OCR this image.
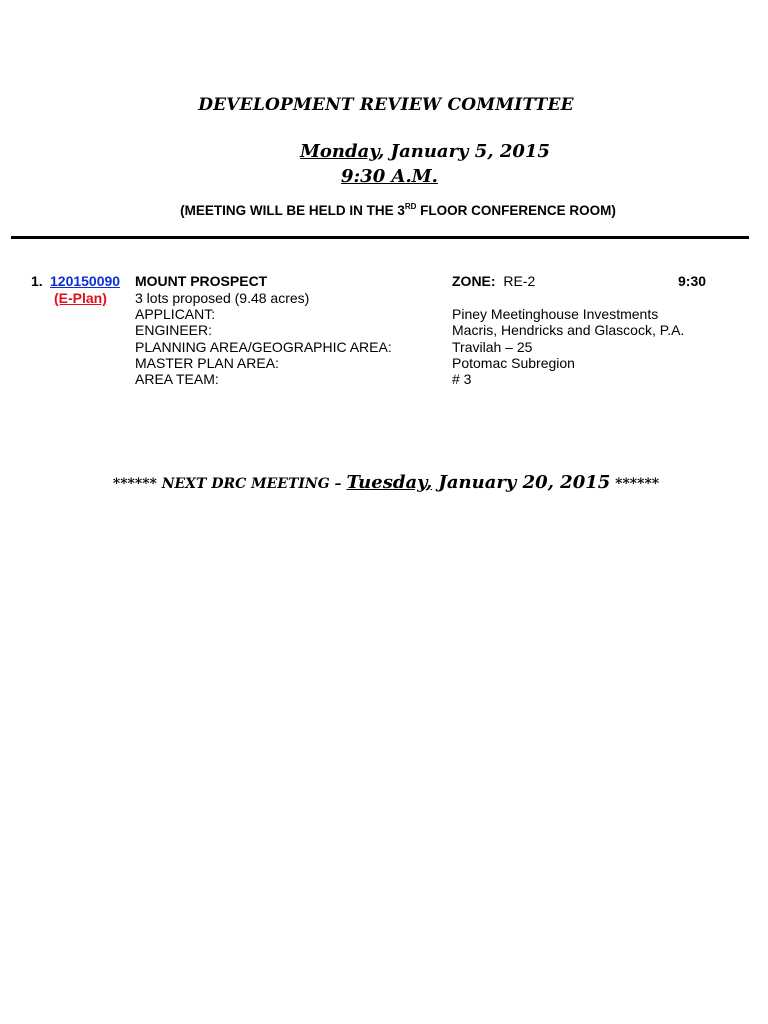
DEVELOPMENT REVIEW COMMITTEE
Monday, January 5, 2015
9:30 A.M.
(MEETING WILL BE HELD IN THE 3RD FLOOR CONFERENCE ROOM)
1. 120150090 MOUNT PROSPECT	ZONE: RE-2	9:30
(E-Plan) 3 lots proposed (9.48 acres)
APPLICANT:	Piney Meetinghouse Investments
ENGINEER:	Macris, Hendricks and Glascock, P.A.
PLANNING AREA/GEOGRAPHIC AREA:	Travilah – 25
MASTER PLAN AREA:	Potomac Subregion
AREA TEAM:	# 3
****** NEXT DRC MEETING – Tuesday, January 20, 2015 ******
